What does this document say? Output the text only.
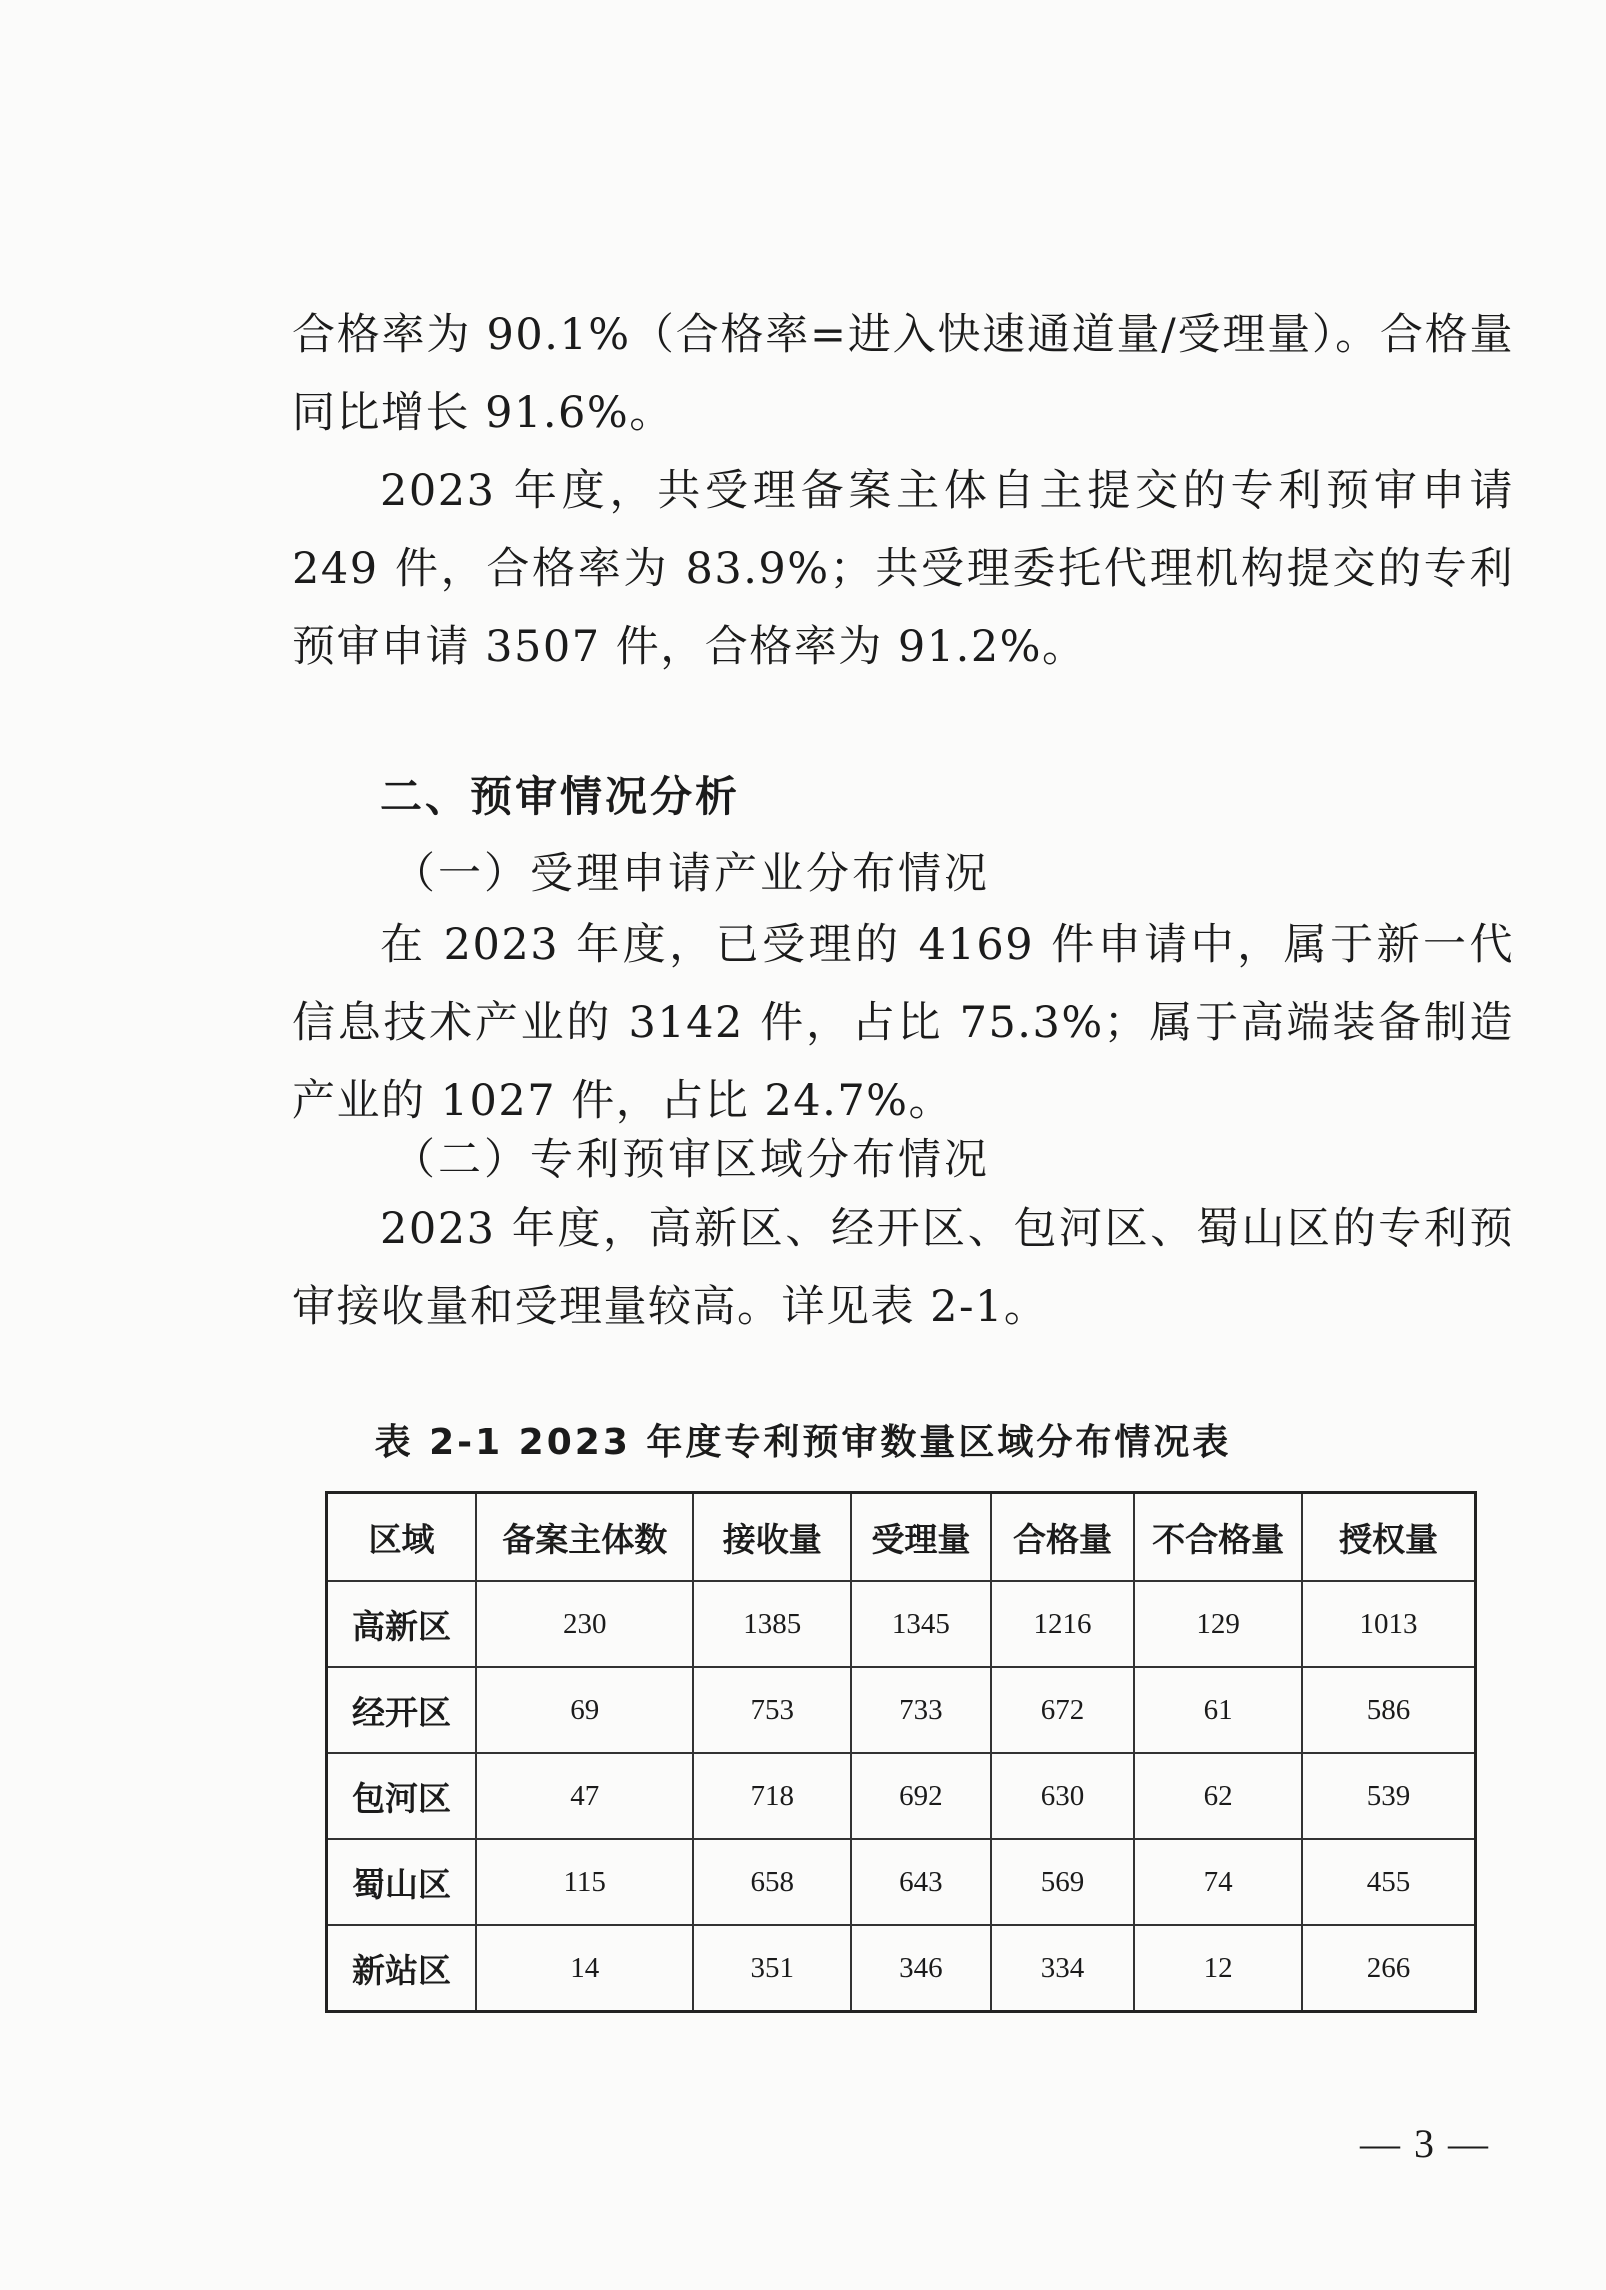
合格率为 90.1%（合格率=进入快速通道量/受理量）。合格量同比增长 91.6%。

2023 年度，共受理备案主体自主提交的专利预审申请 249 件，合格率为 83.9%；共受理委托代理机构提交的专利预审申请 3507 件，合格率为 91.2%。

二、预审情况分析
（一）受理申请产业分布情况

在 2023 年度，已受理的 4169 件申请中，属于新一代信息技术产业的 3142 件，占比 75.3%；属于高端装备制造产业的 1027 件，占比 24.7%。

（二）专利预审区域分布情况

2023 年度，高新区、经开区、包河区、蜀山区的专利预审接收量和受理量较高。详见表 2-1。

表 2-1 2023 年度专利预审数量区域分布情况表
区域	备案主体数	接收量	受理量	合格量	不合格量	授权量
高新区	230	1385	1345	1216	129	1013
经开区	69	753	733	672	61	586
包河区	47	718	692	630	62	539
蜀山区	115	658	643	569	74	455
新站区	14	351	346	334	12	266
— 3 —
